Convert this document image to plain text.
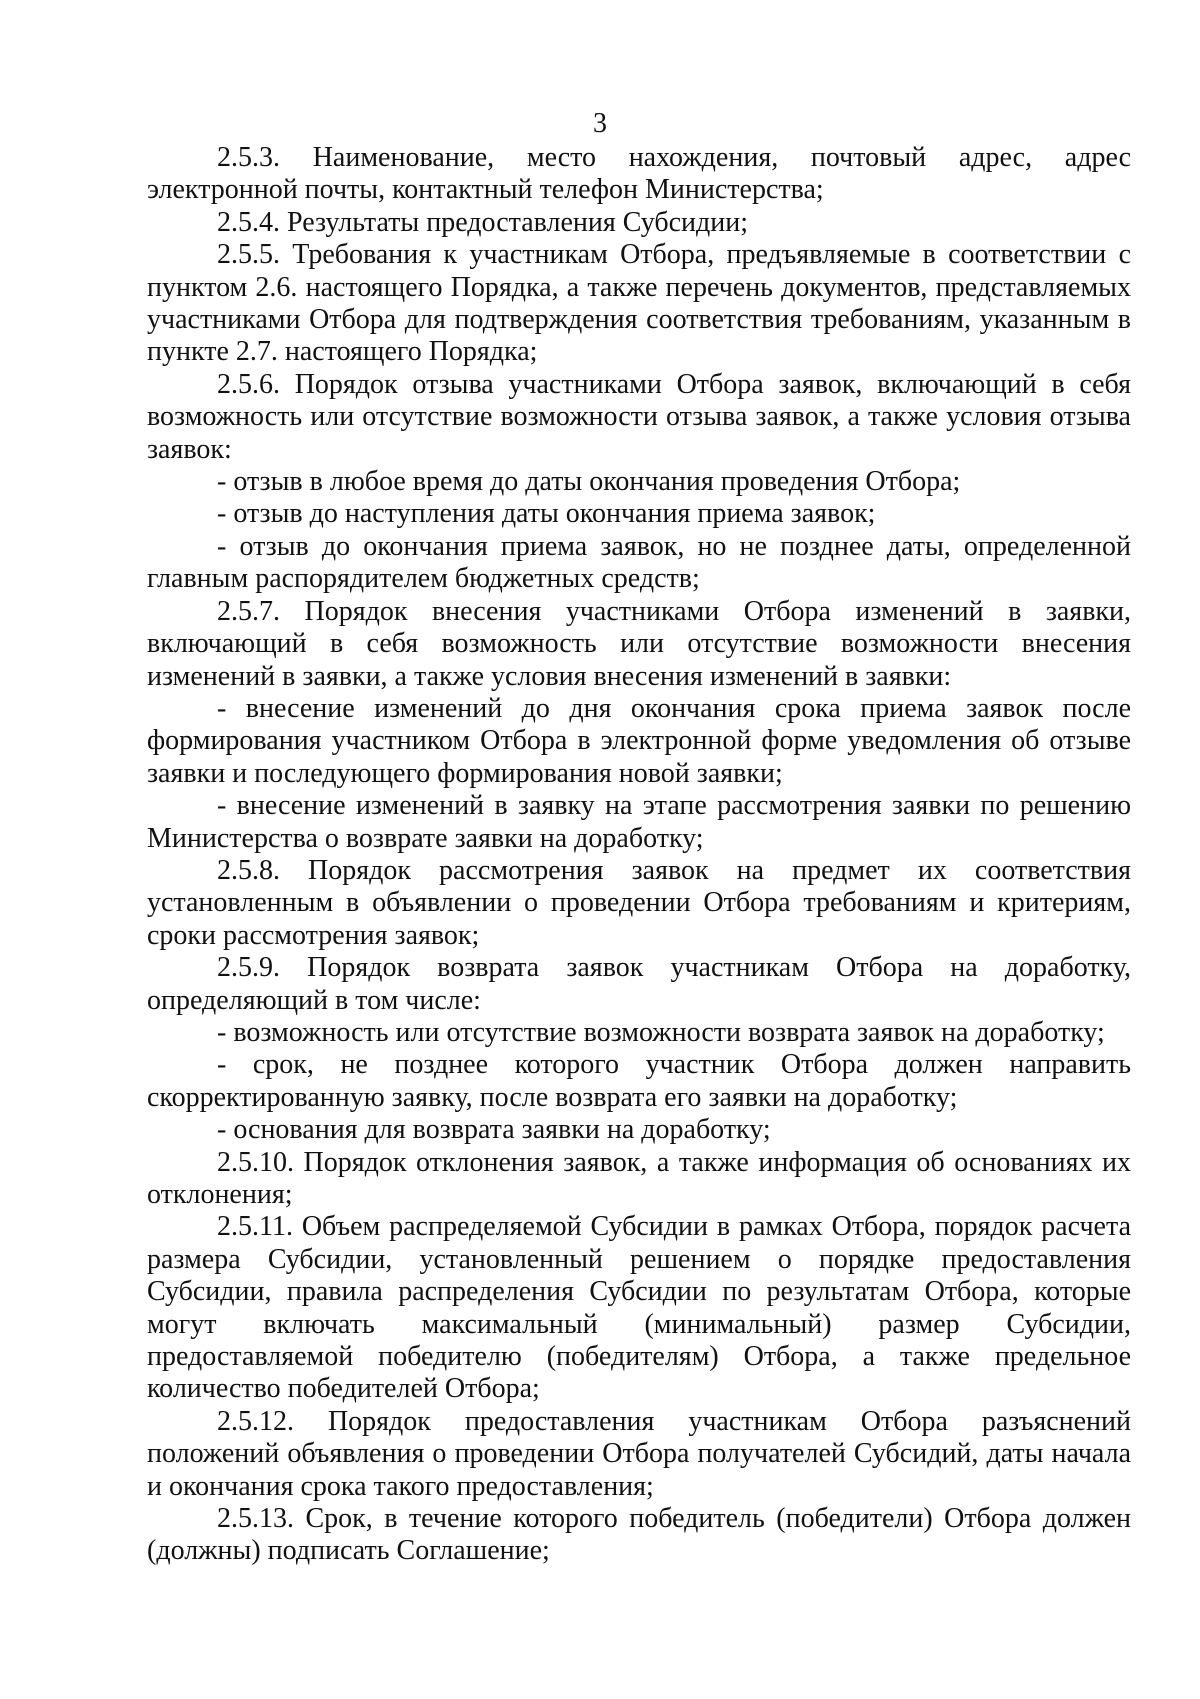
3

2.5.3. Наименование, место нахождения, почтовый адрес, адрес электронной почты, контактный телефон Министерства;

2.5.4. Результаты предоставления Субсидии;

2.5.5. Требования к участникам Отбора, предъявляемые в соответствии с пунктом 2.6. настоящего Порядка, а также перечень документов, представляемых участниками Отбора для подтверждения соответствия требованиям, указанным в пункте 2.7. настоящего Порядка;

2.5.6. Порядок отзыва участниками Отбора заявок, включающий в себя возможность или отсутствие возможности отзыва заявок, а также условия отзыва заявок:

- отзыв в любое время до даты окончания проведения Отбора;

- отзыв до наступления даты окончания приема заявок;

- отзыв до окончания приема заявок, но не позднее даты, определенной главным распорядителем бюджетных средств;

2.5.7. Порядок внесения участниками Отбора изменений в заявки, включающий в себя возможность или отсутствие возможности внесения изменений в заявки, а также условия внесения изменений в заявки:

- внесение изменений до дня окончания срока приема заявок после формирования участником Отбора в электронной форме уведомления об отзыве заявки и последующего формирования новой заявки;

- внесение изменений в заявку на этапе рассмотрения заявки по решению Министерства о возврате заявки на доработку;

2.5.8. Порядок рассмотрения заявок на предмет их соответствия установленным в объявлении о проведении Отбора требованиям и критериям, сроки рассмотрения заявок;

2.5.9. Порядок возврата заявок участникам Отбора на доработку, определяющий в том числе:

- возможность или отсутствие возможности возврата заявок на доработку;

- срок, не позднее которого участник Отбора должен направить скорректированную заявку, после возврата его заявки на доработку;

- основания для возврата заявки на доработку;

2.5.10. Порядок отклонения заявок, а также информация об основаниях их отклонения;

2.5.11. Объем распределяемой Субсидии в рамках Отбора, порядок расчета размера Субсидии, установленный решением о порядке предоставления Субсидии, правила распределения Субсидии по результатам Отбора, которые могут включать максимальный (минимальный) размер Субсидии, предоставляемой победителю (победителям) Отбора, а также предельное количество победителей Отбора;

2.5.12. Порядок предоставления участникам Отбора разъяснений положений объявления о проведении Отбора получателей Субсидий, даты начала и окончания срока такого предоставления;

2.5.13. Срок, в течение которого победитель (победители) Отбора должен (должны) подписать Соглашение;
